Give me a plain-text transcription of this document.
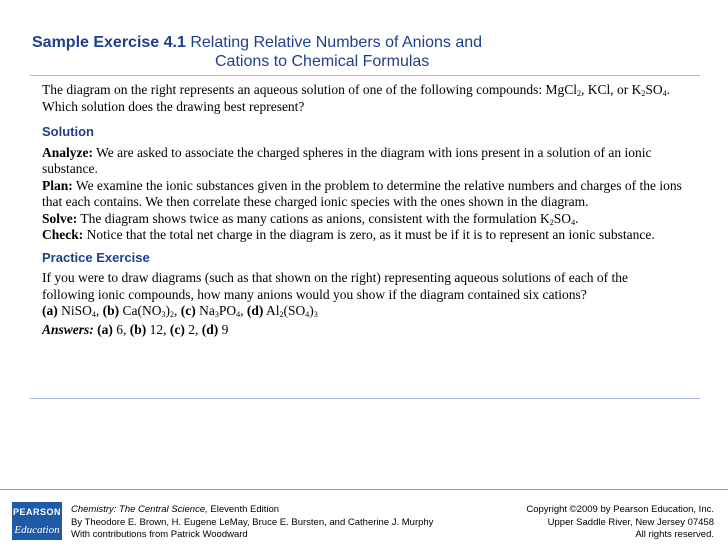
Sample Exercise 4.1 Relating Relative Numbers of Anions and
Cations to Chemical Formulas

The diagram on the right represents an aqueous solution of one of the following compounds: MgCl$_2$, KCl, or $K_2SO_4$. Which solution does the drawing best represent?

Solution

Analyze: We are asked to associate the charged spheres in the diagram with ions present in a solution of an ionic substance.

Plan: We examine the ionic substances given in the problem to determine the relative numbers and charges of the ions that each contains. We then correlate these charged ionic species with the ones shown in the diagram.

Solve: The diagram shows twice as many cations as anions, consistent with the formulation $K_2SO_4$.

Check: Notice that the total net charge in the diagram is zero, as it must be if it is to represent an ionic substance.

Practice Exercise

If you were to draw diagrams (such as that shown on the right) representing aqueous solutions of each of the following ionic compounds, how many anions would you show if the diagram contained six cations?

(a) NiSO$_4$, (b) $Ca(NO_3)_2$, (c) $Na_3PO_4$, (d) $Al_2(SO_4)_3$

Answers: (a) 6, (b) 12, (c) 2, (d) 9

PEARSON
Education
Chemistry: The Central Science, Eleventh Edition
By Theodore E. Brown, H. Eugene LeMay, Bruce E. Bursten, and Catherine J. Murphy
With contributions from Patrick Woodward
Copyright ©2009 by Pearson Education, Inc.
Upper Saddle River, New Jersey 07458
All rights reserved.
